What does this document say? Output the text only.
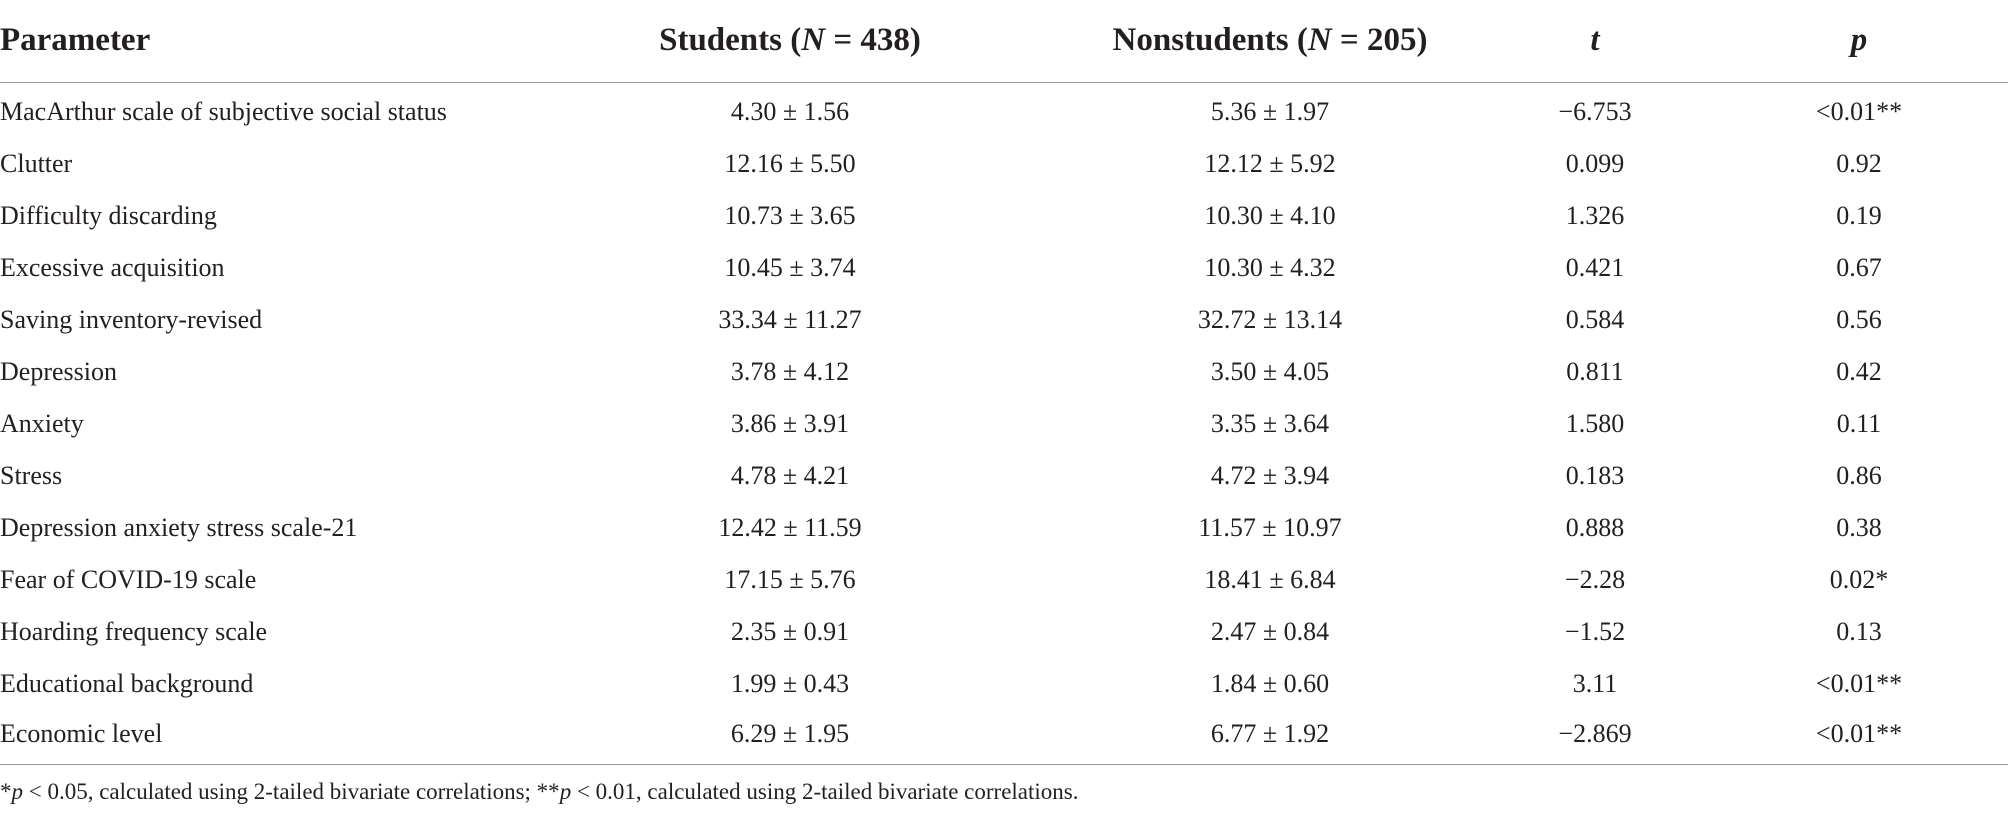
Parameter	Students (N = 438)	Nonstudents (N = 205)	t	p
MacArthur scale of subjective social status	4.30 ± 1.56	5.36 ± 1.97	−6.753	<0.01**
Clutter	12.16 ± 5.50	12.12 ± 5.92	0.099	0.92
Difficulty discarding	10.73 ± 3.65	10.30 ± 4.10	1.326	0.19
Excessive acquisition	10.45 ± 3.74	10.30 ± 4.32	0.421	0.67
Saving inventory-revised	33.34 ± 11.27	32.72 ± 13.14	0.584	0.56
Depression	3.78 ± 4.12	3.50 ± 4.05	0.811	0.42
Anxiety	3.86 ± 3.91	3.35 ± 3.64	1.580	0.11
Stress	4.78 ± 4.21	4.72 ± 3.94	0.183	0.86
Depression anxiety stress scale-21	12.42 ± 11.59	11.57 ± 10.97	0.888	0.38
Fear of COVID-19 scale	17.15 ± 5.76	18.41 ± 6.84	−2.28	0.02*
Hoarding frequency scale	2.35 ± 0.91	2.47 ± 0.84	−1.52	0.13
Educational background	1.99 ± 0.43	1.84 ± 0.60	3.11	<0.01**
Economic level	6.29 ± 1.95	6.77 ± 1.92	−2.869	<0.01**
*p < 0.05, calculated using 2-tailed bivariate correlations; **p < 0.01, calculated using 2-tailed bivariate correlations.
